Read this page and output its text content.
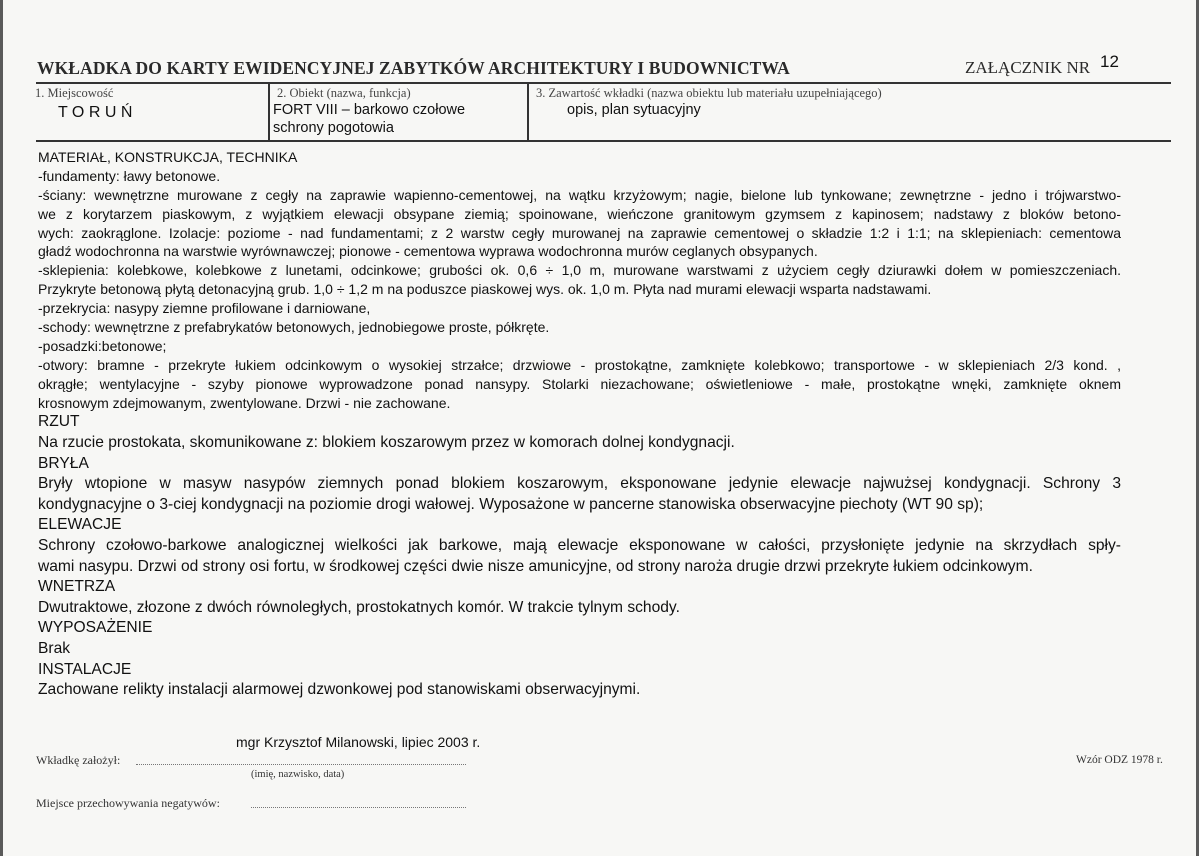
WKŁADKA DO KARTY EWIDENCYJNEJ ZABYTKÓW ARCHITEKTURY I BUDOWNICTWA	ZAŁĄCZNIK NR 12
1. Miejscowość
T O R U Ń
2. Obiekt (nazwa, funkcja)
FORT VIII – barkowo czołowe
schrony pogotowia
3. Zawartość wkładki (nazwa obiektu lub materiału uzupełniającego)
opis, plan sytuacyjny
MATERIAŁ, KONSTRUKCJA, TECHNIKA
-fundamenty: ławy betonowe.
-ściany: wewnętrzne murowane z cegły na zaprawie wapienno-cementowej, na wątku krzyżowym; nagie, bielone lub tynkowane; zewnętrzne - jedno i trójwarstwo-
we z korytarzem piaskowym, z wyjątkiem elewacji obsypane ziemią; spoinowane, wieńczone granitowym gzymsem z kapinosem; nadstawy z bloków betono-
wych: zaokrąglone. Izolacje: poziome - nad fundamentami; z 2 warstw cegły murowanej na zaprawie cementowej o składzie 1:2 i 1:1; na sklepieniach: cementowa
gładź wodochronna na warstwie wyrównawczej; pionowe - cementowa wyprawa wodochronna murów ceglanych obsypanych.
-sklepienia: kolebkowe, kolebkowe z lunetami, odcinkowe; grubości ok. 0,6 ÷ 1,0 m, murowane warstwami z użyciem cegły dziurawki dołem w pomieszczeniach.
Przykryte betonową płytą detonacyjną grub. 1,0 ÷ 1,2 m na poduszce piaskowej wys. ok. 1,0 m. Płyta nad murami elewacji wsparta nadstawami.
-przekrycia: nasypy ziemne profilowane i darniowane,
-schody: wewnętrzne z prefabrykatów betonowych, jednobiegowe proste, półkręte.
-posadzki:betonowe;
-otwory: bramne - przekryte łukiem odcinkowym o wysokiej strzałce; drzwiowe - prostokątne, zamknięte kolebkowo; transportowe - w sklepieniach 2/3 kond. ,
okrągłe; wentylacyjne - szyby pionowe wyprowadzone ponad nansypy. Stolarki niezachowane; oświetleniowe - małe, prostokątne wnęki, zamknięte oknem
krosnowym zdejmowanym, zwentylowane. Drzwi - nie zachowane.
RZUT
Na rzucie prostokata, skomunikowane z: blokiem koszarowym przez w komorach dolnej kondygnacji.
BRYŁA
Bryły wtopione w masyw nasypów ziemnych ponad blokiem koszarowym, eksponowane jedynie elewacje najwużsej kondygnacji. Schrony 3
kondygnacyjne o 3-ciej kondygnacji na poziomie drogi wałowej. Wyposażone w pancerne stanowiska obserwacyjne piechoty (WT 90 sp);
ELEWACJE
Schrony czołowo-barkowe analogicznej wielkości jak barkowe, mają elewacje eksponowane w całości, przysłonięte jedynie na skrzydłach spły-
wami nasypu. Drzwi od strony osi fortu, w środkowej części dwie nisze amunicyjne, od strony naroża drugie drzwi przekryte łukiem odcinkowym.
WNETRZA
Dwutraktowe, złozone z dwóch równoległych, prostokatnych komór. W trakcie tylnym schody.
WYPOSAŻENIE
Brak
INSTALACJE
Zachowane relikty instalacji alarmowej dzwonkowej pod stanowiskami obserwacyjnymi.
mgr Krzysztof Milanowski, lipiec 2003 r.
Wkładkę założył:
(imię, nazwisko, data)
Miejsce przechowywania negatywów:
Wzór ODZ 1978 r.
